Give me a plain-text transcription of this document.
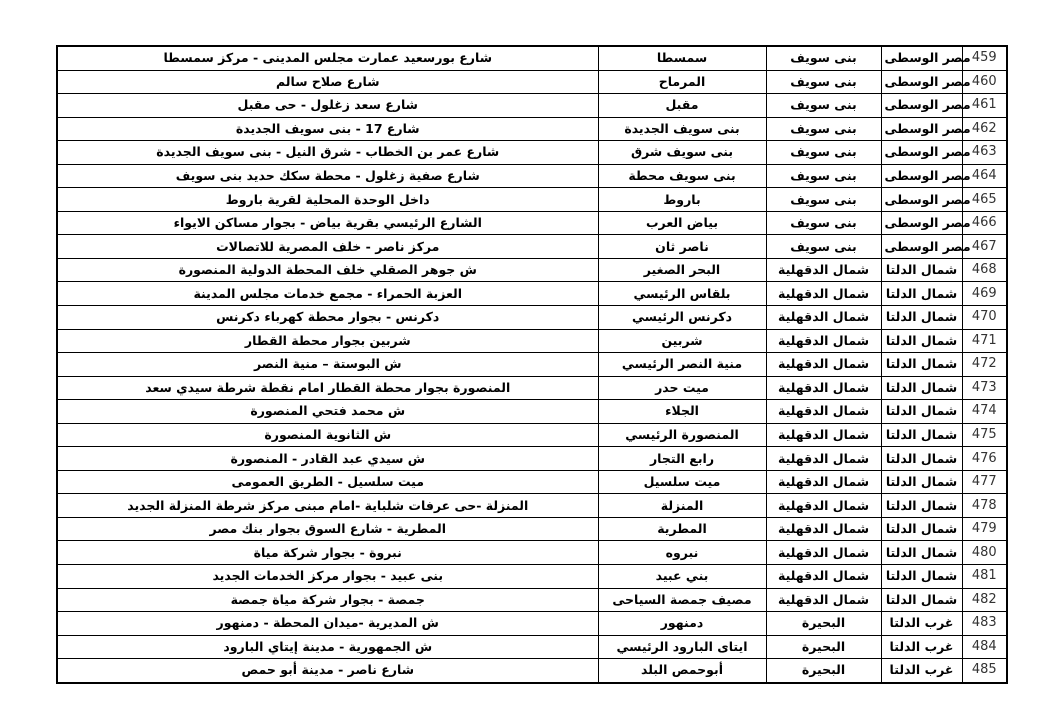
شارع بورسعيد عمارت مجلس المدينى - مركز سمسطا	سمسطا	بنى سويف	مصر الوسطى	459
شارع صلاح سالم	المرماح	بنى سويف	مصر الوسطى	460
شارع سعد زغلول - حى مقبل	مقبل	بنى سويف	مصر الوسطى	461
شارع 17 - بنى سويف الجديدة	بنى سويف الجديدة	بنى سويف	مصر الوسطى	462
شارع عمر بن الخطاب - شرق النيل - بنى سويف الجديدة	بنى سويف شرق	بنى سويف	مصر الوسطى	463
شارع صفية زغلول - محطة سكك حديد بنى سويف	بنى سويف محطة	بنى سويف	مصر الوسطى	464
داخل الوحدة المحلية لقرية باروط	باروط	بنى سويف	مصر الوسطى	465
الشارع الرئيسي بقرية بياض - بجوار مساكن الايواء	بياض العرب	بنى سويف	مصر الوسطى	466
مركز ناصر - خلف المصرية للاتصالات	ناصر ثان	بنى سويف	مصر الوسطى	467
ش جوهر الصقلي خلف المحطة الدولية المنصورة	البحر الصغير	شمال الدقهلية	شمال الدلتا	468
العزبة الحمراء - مجمع خدمات مجلس المدينة	بلقاس الرئيسي	شمال الدقهلية	شمال الدلتا	469
دكرنس - بجوار محطة كهرباء دكرنس	دكرنس الرئيسي	شمال الدقهلية	شمال الدلتا	470
شربين بجوار محطة القطار	شربين	شمال الدقهلية	شمال الدلتا	471
ش البوستة – منية النصر	منية النصر الرئيسي	شمال الدقهلية	شمال الدلتا	472
المنصورة بجوار محطة القطار امام نقطة شرطة سيدي سعد	ميت حدر	شمال الدقهلية	شمال الدلتا	473
ش محمد فتحي المنصورة	الجلاء	شمال الدقهلية	شمال الدلتا	474
ش الثانوية المنصورة	المنصورة الرئيسي	شمال الدقهلية	شمال الدلتا	475
ش سيدي عبد القادر - المنصورة	رابع التجار	شمال الدقهلية	شمال الدلتا	476
ميت سلسيل - الطريق العمومى	ميت سلسيل	شمال الدقهلية	شمال الدلتا	477
المنزلة -حى عرفات شلباية -امام مبنى مركز شرطة المنزلة الجديد	المنزلة	شمال الدقهلية	شمال الدلتا	478
المطرية - شارع السوق بجوار بنك مصر	المطرية	شمال الدقهلية	شمال الدلتا	479
نبروة - بجوار شركة مياة	نبروه	شمال الدقهلية	شمال الدلتا	480
بنى عبيد - بجوار مركز الخدمات الجديد	بني عبيد	شمال الدقهلية	شمال الدلتا	481
جمصة - بجوار شركة مياة جمصة	مصيف جمصة السياحى	شمال الدقهلية	شمال الدلتا	482
ش المديرية -ميدان المحطة - دمنهور	دمنهور	البحيرة	غرب الدلتا	483
ش الجمهورية - مدينة إيتاي البارود	ايتاى البارود الرئيسي	البحيرة	غرب الدلتا	484
شارع ناصر - مدينة أبو حمص	أبوحمص البلد	البحيرة	غرب الدلتا	485
